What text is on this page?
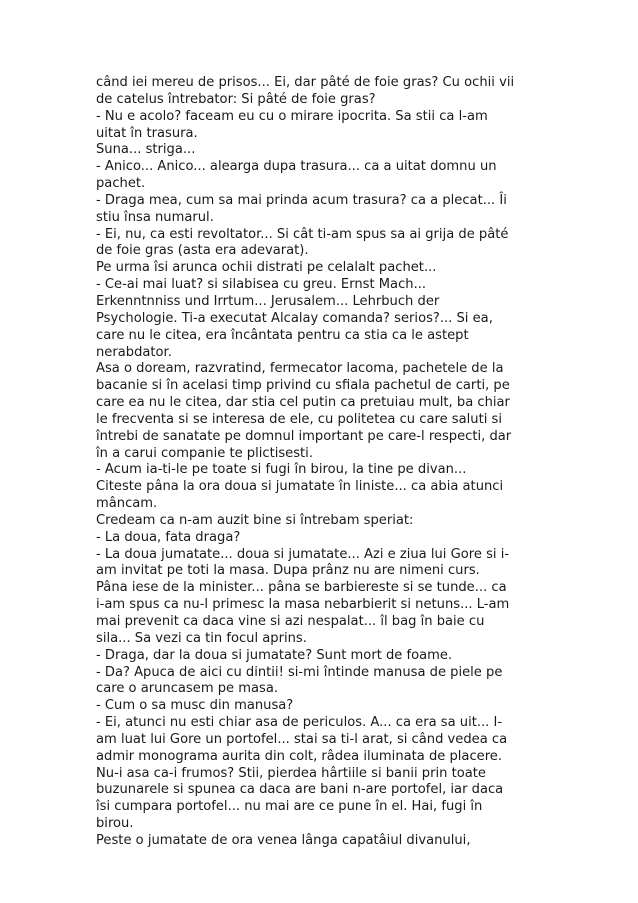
când iei mereu de prisos... Ei, dar pâté de foie gras? Cu ochii vii
de catelus întrebator: Si pâté de foie gras?
- Nu e acolo? faceam eu cu o mirare ipocrita. Sa stii ca l-am
uitat în trasura.
Suna... striga...
- Anico... Anico... alearga dupa trasura... ca a uitat domnu un
pachet.
- Draga mea, cum sa mai prinda acum trasura? ca a plecat... Îi
stiu însa numarul.
- Ei, nu, ca esti revoltator... Si cât ti-am spus sa ai grija de pâté
de foie gras (asta era adevarat).
Pe urma îsi arunca ochii distrati pe celalalt pachet...
- Ce-ai mai luat? si silabisea cu greu. Ernst Mach...
Erkenntnniss und Irrtum... Jerusalem... Lehrbuch der
Psychologie. Ti-a executat Alcalay comanda? serios?... Si ea,
care nu le citea, era încântata pentru ca stia ca le astept
nerabdator.
Asa o doream, razvratind, fermecator lacoma, pachetele de la
bacanie si în acelasi timp privind cu sfiala pachetul de carti, pe
care ea nu le citea, dar stia cel putin ca pretuiau mult, ba chiar
le frecventa si se interesa de ele, cu politetea cu care saluti si
întrebi de sanatate pe domnul important pe care-l respecti, dar
în a carui companie te plictisesti.
- Acum ia-ti-le pe toate si fugi în birou, la tine pe divan...
Citeste pâna la ora doua si jumatate în liniste... ca abia atunci
mâncam.
Credeam ca n-am auzit bine si întrebam speriat:
- La doua, fata draga?
- La doua jumatate... doua si jumatate... Azi e ziua lui Gore si i-
am invitat pe toti la masa. Dupa prânz nu are nimeni curs.
Pâna iese de la minister... pâna se barbiereste si se tunde... ca
i-am spus ca nu-l primesc la masa nebarbierit si netuns... L-am
mai prevenit ca daca vine si azi nespalat... îl bag în baie cu
sila... Sa vezi ca tin focul aprins.
- Draga, dar la doua si jumatate? Sunt mort de foame.
- Da? Apuca de aici cu dintii! si-mi întinde manusa de piele pe
care o aruncasem pe masa.
- Cum o sa musc din manusa?
- Ei, atunci nu esti chiar asa de periculos. A... ca era sa uit... I-
am luat lui Gore un portofel... stai sa ti-l arat, si când vedea ca
admir monograma aurita din colt, râdea iluminata de placere.
Nu-i asa ca-i frumos? Stii, pierdea hârtiile si banii prin toate
buzunarele si spunea ca daca are bani n-are portofel, iar daca
îsi cumpara portofel... nu mai are ce pune în el. Hai, fugi în
birou.
Peste o jumatate de ora venea lânga capatâiul divanului,
